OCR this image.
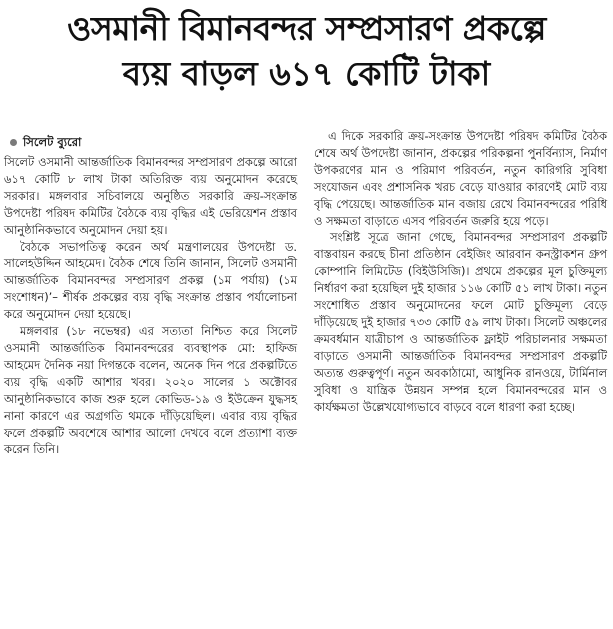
ওসমানী বিমানবন্দর সম্প্রসারণ প্রকল্পে
ব্যয় বাড়ল ৬১৭ কোটি টাকা
সিলেট ব্যুরো

সিলেট ওসমানী আন্তর্জাতিক বিমানবন্দর সম্প্রসারণ প্রকল্পে আরো ৬১৭ কোটি ৮ লাখ টাকা অতিরিক্ত ব্যয় অনুমোদন করেছে সরকার। মঙ্গলবার সচিবালয়ে অনুষ্ঠিত সরকারি ক্রয়-সংক্রান্ত উপদেষ্টা পরিষদ কমিটির বৈঠকে ব্যয় বৃদ্ধির এই ভেরিয়েশন প্রস্তাব আনুষ্ঠানিকভাবে অনুমোদন দেয়া হয়।

বৈঠকে সভাপতিত্ব করেন অর্থ মন্ত্রণালয়ের উপদেষ্টা ড. সালেহউদ্দিন আহমেদ। বৈঠক শেষে তিনি জানান, সিলেট ওসমানী আন্তর্জাতিক বিমানবন্দর সম্প্রসারণ প্রকল্প (১ম পর্যায়) (১ম সংশোধন)’– শীর্ষক প্রকল্পের ব্যয় বৃদ্ধি সংক্রান্ত প্রস্তাব পর্যালোচনা করে অনুমোদন দেয়া হয়েছে।

মঙ্গলবার (১৮ নভেম্বর) এর সত্যতা নিশ্চিত করে সিলেট ওসমানী আন্তর্জাতিক বিমানবন্দরের ব্যবস্থাপক মো: হাফিজ আহমেদ দৈনিক নয়া দিগন্তকে বলেন, অনেক দিন পরে প্রকল্পটিতে ব্যয় বৃদ্ধি একটি আশার খবর। ২০২০ সালের ১ অক্টোবর আনুষ্ঠানিকভাবে কাজ শুরু হলে কোভিড-১৯ ও ইউক্রেন যুদ্ধসহ নানা কারণে এর অগ্রগতি থমকে দাঁড়িয়েছিল। এবার ব্যয় বৃদ্ধির ফলে প্রকল্পটি অবশেষে আশার আলো দেখবে বলে প্রত্যাশা ব্যক্ত করেন তিনি।

এ দিকে সরকারি ক্রয়-সংক্রান্ত উপদেষ্টা পরিষদ কমিটির বৈঠক শেষে অর্থ উপদেষ্টা জানান, প্রকল্পের পরিকল্পনা পুনর্বিন্যাস, নির্মাণ উপকরণের মান ও পরিমাণ পরিবর্তন, নতুন কারিগরি সুবিধা সংযোজন এবং প্রশাসনিক খরচ বেড়ে যাওয়ার কারণেই মোট ব্যয় বৃদ্ধি পেয়েছে। আন্তর্জাতিক মান বজায় রেখে বিমানবন্দরের পরিধি ও সক্ষমতা বাড়াতে এসব পরিবর্তন জরুরি হয়ে পড়ে।

সংশ্লিষ্ট সূত্রে জানা গেছে, বিমানবন্দর সম্প্রসারণ প্রকল্পটি বাস্তবায়ন করছে চীনা প্রতিষ্ঠান বেইজিং আরবান কনস্ট্রাকশন গ্রুপ কোম্পানি লিমিটেড (বিইউসিজি)। প্রথমে প্রকল্পের মূল চুক্তিমূল্য নির্ধারণ করা হয়েছিল দুই হাজার ১১৬ কোটি ৫১ লাখ টাকা। নতুন সংশোধিত প্রস্তাব অনুমোদনের ফলে মোট চুক্তিমূল্য বেড়ে দাঁড়িয়েছে দুই হাজার ৭৩৩ কোটি ৫৯ লাখ টাকা। সিলেট অঞ্চলের ক্রমবর্ধমান যাত্রীচাপ ও আন্তর্জাতিক ফ্লাইট পরিচালনার সক্ষমতা বাড়াতে ওসমানী আন্তর্জাতিক বিমানবন্দর সম্প্রসারণ প্রকল্পটি অত্যন্ত গুরুত্বপূর্ণ। নতুন অবকাঠামো, আধুনিক রানওয়ে, টার্মিনাল সুবিধা ও যান্ত্রিক উন্নয়ন সম্পন্ন হলে বিমানবন্দরের মান ও কার্যক্ষমতা উল্লেখযোগ্যভাবে বাড়বে বলে ধারণা করা হচ্ছে।
